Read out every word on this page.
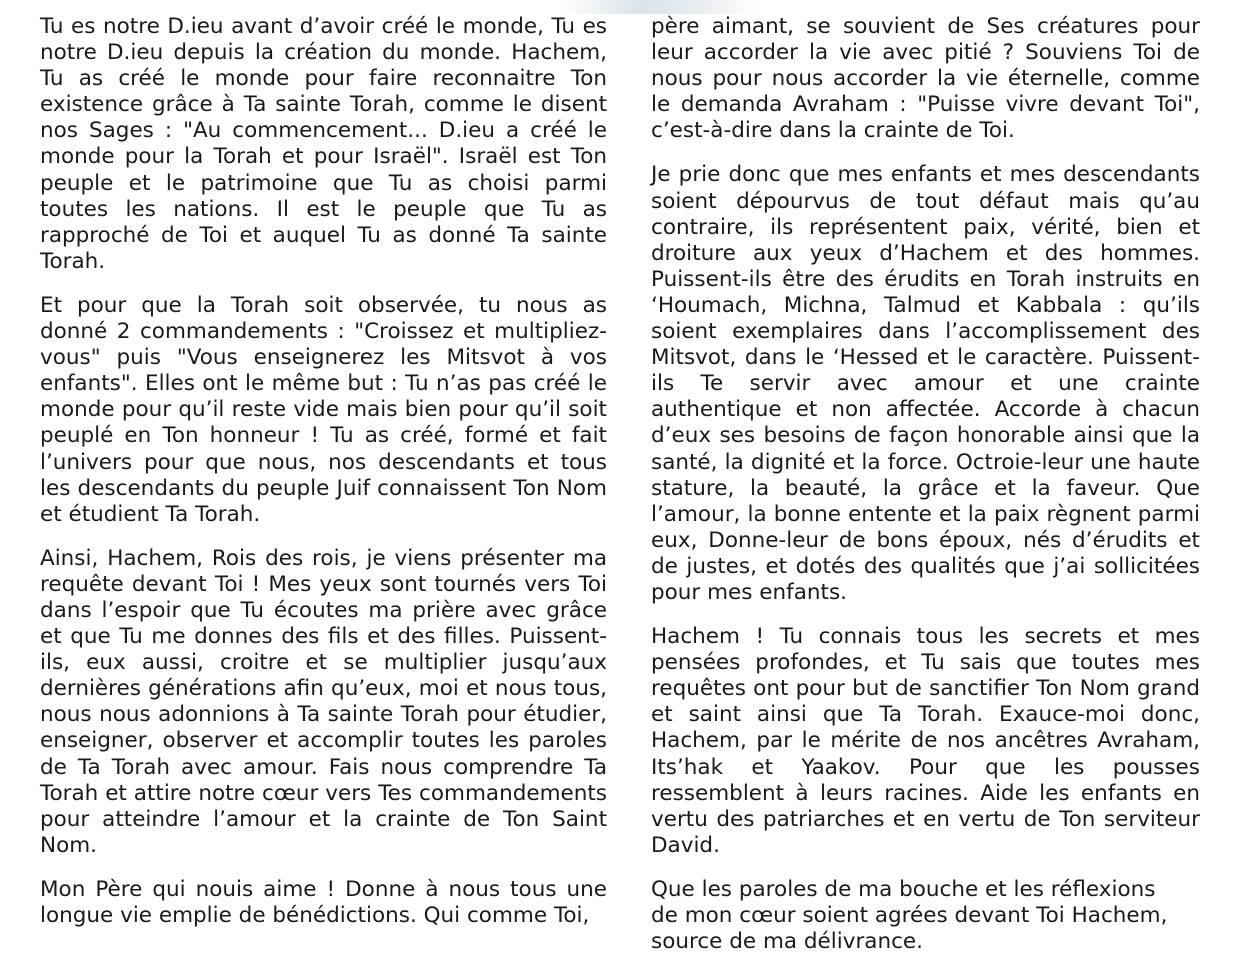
Tu es notre D.ieu avant d’avoir créé le monde, Tu es notre D.ieu depuis la création du monde. Hachem, Tu as créé le monde pour faire reconnaitre Ton existence grâce à Ta sainte Torah, comme le disent nos Sages : "Au commencement... D.ieu a créé le monde pour la Torah et pour Israël". Israël est Ton peuple et le patrimoine que Tu as choisi parmi toutes les nations. Il est le peuple que Tu as rapproché de Toi et auquel Tu as donné Ta sainte Torah.

Et pour que la Torah soit observée, tu nous as donné 2 commandements : "Croissez et multipliez-vous" puis "Vous enseignerez les Mitsvot à vos enfants". Elles ont le même but : Tu n’as pas créé le monde pour qu’il reste vide mais bien pour qu’il soit peuplé en Ton honneur ! Tu as créé, formé et fait l’univers pour que nous, nos descendants et tous les descendants du peuple Juif connaissent Ton Nom et étudient Ta Torah.

Ainsi, Hachem, Rois des rois, je viens présenter ma requête devant Toi ! Mes yeux sont tournés vers Toi dans l’espoir que Tu écoutes ma prière avec grâce et que Tu me donnes des fils et des filles. Puissent-ils, eux aussi, croitre et se multiplier jusqu’aux dernières générations afin qu’eux, moi et nous tous, nous nous adonnions à Ta sainte Torah pour étudier, enseigner, observer et accomplir toutes les paroles de Ta Torah avec amour. Fais nous comprendre Ta Torah et attire notre cœur vers Tes commandements pour atteindre l’amour et la crainte de Ton Saint Nom.

Mon Père qui nouis aime ! Donne à nous tous une longue vie emplie de bénédictions. Qui comme Toi,

père aimant, se souvient de Ses créatures pour leur accorder la vie avec pitié ? Souviens Toi de nous pour nous accorder la vie éternelle, comme le demanda Avraham : "Puisse vivre devant Toi", c’est-à-dire dans la crainte de Toi.

Je prie donc que mes enfants et mes descendants soient dépourvus de tout défaut mais qu’au contraire, ils représentent paix, vérité, bien et droiture aux yeux d’Hachem et des hommes. Puissent-ils être des érudits en Torah instruits en ‘Houmach, Michna, Talmud et Kabbala : qu’ils soient exemplaires dans l’accomplissement des Mitsvot, dans le ‘Hessed et le caractère. Puissent-ils Te servir avec amour et une crainte authentique et non affectée. Accorde à chacun d’eux ses besoins de façon honorable ainsi que la santé, la dignité et la force. Octroie-leur une haute stature, la beauté, la grâce et la faveur. Que l’amour, la bonne entente et la paix règnent parmi eux, Donne-leur de bons époux, nés d’érudits et de justes, et dotés des qualités que j’ai sollicitées pour mes enfants.

Hachem ! Tu connais tous les secrets et mes pensées profondes, et Tu sais que toutes mes requêtes ont pour but de sanctifier Ton Nom grand et saint ainsi que Ta Torah. Exauce-moi donc, Hachem, par le mérite de nos ancêtres Avraham, Its’hak et Yaakov. Pour que les pousses ressemblent à leurs racines. Aide les enfants en vertu des patriarches et en vertu de Ton serviteur David.

Que les paroles de ma bouche et les réflexions
de mon cœur soient agrées devant Toi Hachem,
source de ma délivrance.
